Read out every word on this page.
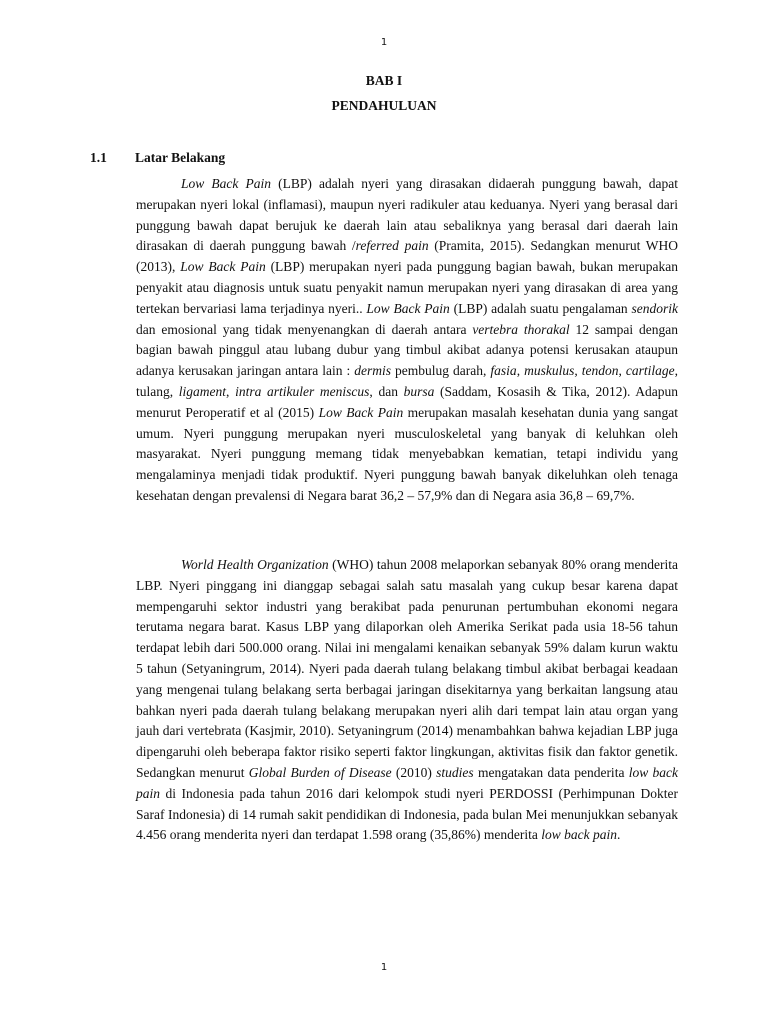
1
BAB I
PENDAHULUAN
1.1 Latar Belakang

Low Back Pain (LBP) adalah nyeri yang dirasakan didaerah punggung bawah, dapat merupakan nyeri lokal (inflamasi), maupun nyeri radikuler atau keduanya. Nyeri yang berasal dari punggung bawah dapat berujuk ke daerah lain atau sebaliknya yang berasal dari daerah lain dirasakan di daerah punggung bawah /referred pain (Pramita, 2015). Sedangkan menurut WHO (2013), Low Back Pain (LBP) merupakan nyeri pada punggung bagian bawah, bukan merupakan penyakit atau diagnosis untuk suatu penyakit namun merupakan nyeri yang dirasakan di area yang tertekan bervariasi lama terjadinya nyeri.. Low Back Pain (LBP) adalah suatu pengalaman sendorik dan emosional yang tidak menyenangkan di daerah antara vertebra thorakal 12 sampai dengan bagian bawah pinggul atau lubang dubur yang timbul akibat adanya potensi kerusakan ataupun adanya kerusakan jaringan antara lain : dermis pembulug darah, fasia, muskulus, tendon, cartilage, tulang, ligament, intra artikuler meniscus, dan bursa (Saddam, Kosasih & Tika, 2012). Adapun menurut Peroperatif et al (2015) Low Back Pain merupakan masalah kesehatan dunia yang sangat umum. Nyeri punggung merupakan nyeri musculoskeletal yang banyak di keluhkan oleh masyarakat. Nyeri punggung memang tidak menyebabkan kematian, tetapi individu yang mengalaminya menjadi tidak produktif. Nyeri punggung bawah banyak dikeluhkan oleh tenaga kesehatan dengan prevalensi di Negara barat 36,2 – 57,9% dan di Negara asia 36,8 – 69,7%.

World Health Organization (WHO) tahun 2008 melaporkan sebanyak 80% orang menderita LBP. Nyeri pinggang ini dianggap sebagai salah satu masalah yang cukup besar karena dapat mempengaruhi sektor industri yang berakibat pada penurunan pertumbuhan ekonomi negara terutama negara barat. Kasus LBP yang dilaporkan oleh Amerika Serikat pada usia 18-56 tahun terdapat lebih dari 500.000 orang. Nilai ini mengalami kenaikan sebanyak 59% dalam kurun waktu 5 tahun (Setyaningrum, 2014). Nyeri pada daerah tulang belakang timbul akibat berbagai keadaan yang mengenai tulang belakang serta berbagai jaringan disekitarnya yang berkaitan langsung atau bahkan nyeri pada daerah tulang belakang merupakan nyeri alih dari tempat lain atau organ yang jauh dari vertebrata (Kasjmir, 2010). Setyaningrum (2014) menambahkan bahwa kejadian LBP juga dipengaruhi oleh beberapa faktor risiko seperti faktor lingkungan, aktivitas fisik dan faktor genetik. Sedangkan menurut Global Burden of Disease (2010) studies mengatakan data penderita low back pain di Indonesia pada tahun 2016 dari kelompok studi nyeri PERDOSSI (Perhimpunan Dokter Saraf Indonesia) di 14 rumah sakit pendidikan di Indonesia, pada bulan Mei menunjukkan sebanyak 4.456 orang menderita nyeri dan terdapat 1.598 orang (35,86%) menderita low back pain.

1
